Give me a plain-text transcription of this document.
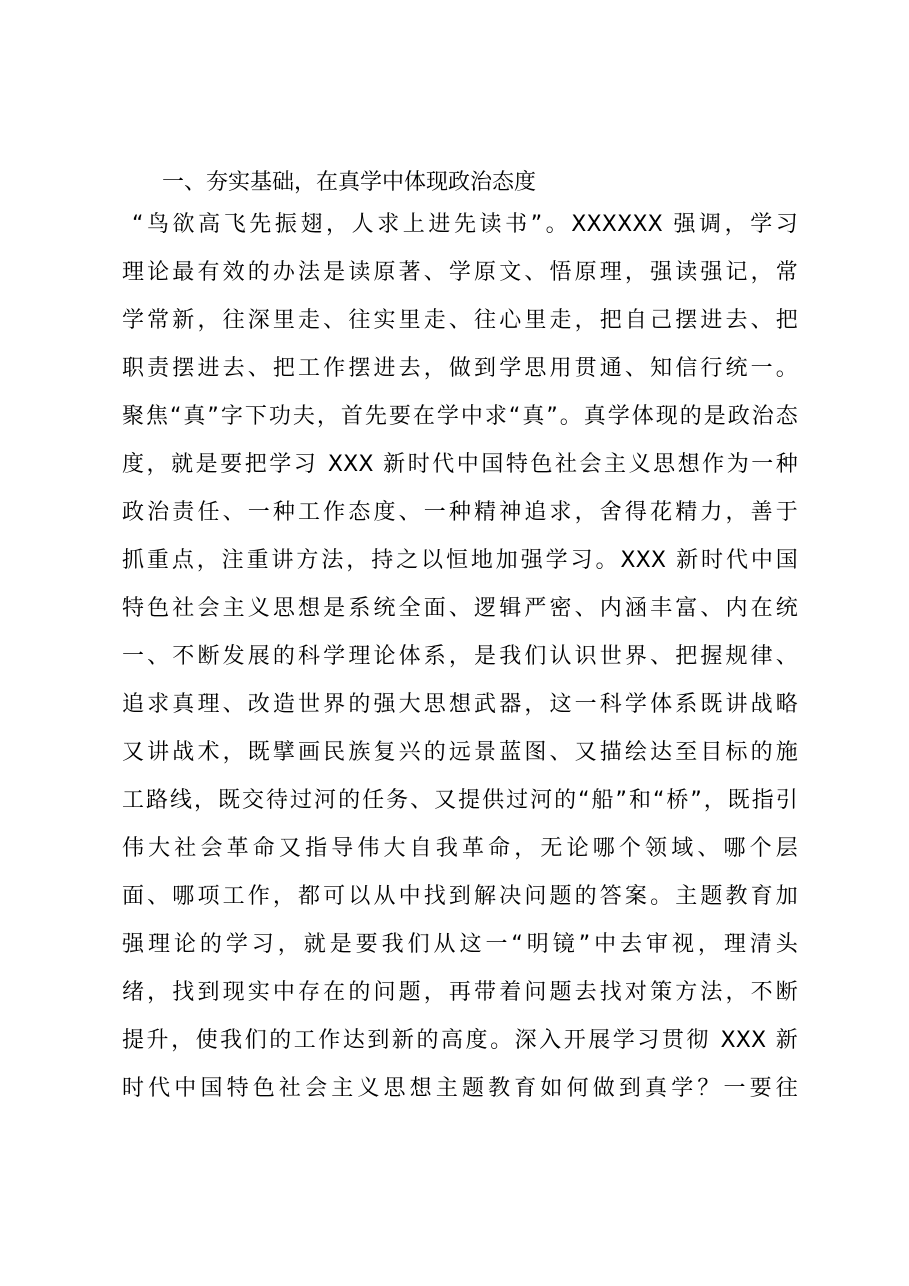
一、夯实基础，在真学中体现政治态度

“鸟欲高飞先振翅，人求上进先读书”。XXXXXX 强调，学习

理论最有效的办法是读原著、学原文、悟原理，强读强记，常

学常新，往深里走、往实里走、往心里走，把自己摆进去、把

职责摆进去、把工作摆进去，做到学思用贯通、知信行统一。

聚焦“真”字下功夫，首先要在学中求“真”。真学体现的是政治态

度，就是要把学习 XXX 新时代中国特色社会主义思想作为一种

政治责任、一种工作态度、一种精神追求，舍得花精力，善于

抓重点，注重讲方法，持之以恒地加强学习。XXX 新时代中国

特色社会主义思想是系统全面、逻辑严密、内涵丰富、内在统

一、不断发展的科学理论体系，是我们认识世界、把握规律、

追求真理、改造世界的强大思想武器，这一科学体系既讲战略

又讲战术，既擘画民族复兴的远景蓝图、又描绘达至目标的施

工路线，既交待过河的任务、又提供过河的“船”和“桥”，既指引

伟大社会革命又指导伟大自我革命，无论哪个领域、哪个层

面、哪项工作，都可以从中找到解决问题的答案。主题教育加

强理论的学习，就是要我们从这一“明镜”中去审视，理清头

绪，找到现实中存在的问题，再带着问题去找对策方法，不断

提升，使我们的工作达到新的高度。深入开展学习贯彻 XXX 新

时代中国特色社会主义思想主题教育如何做到真学？一要往
